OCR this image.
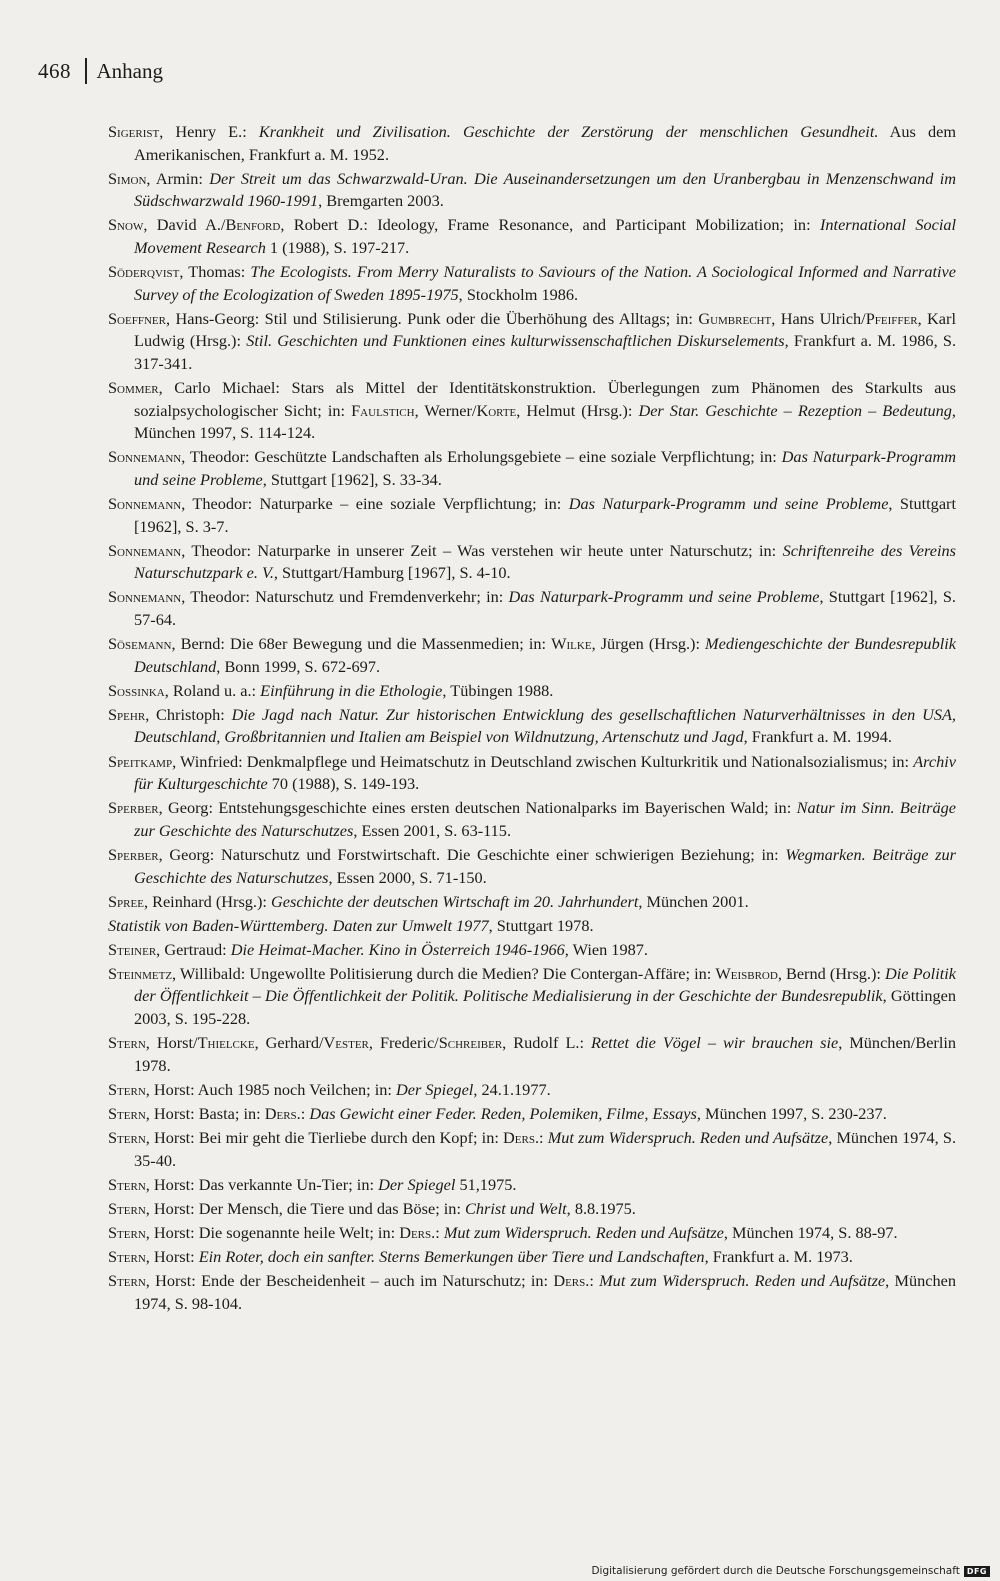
468 Anhang

Sigerist, Henry E.: Krankheit und Zivilisation. Geschichte der Zerstörung der menschlichen Gesundheit. Aus dem Amerikanischen, Frankfurt a. M. 1952.

Simon, Armin: Der Streit um das Schwarzwald-Uran. Die Auseinandersetzungen um den Uranbergbau in Menzenschwand im Südschwarzwald 1960-1991, Bremgarten 2003.

Snow, David A./Benford, Robert D.: Ideology, Frame Resonance, and Participant Mobilization; in: International Social Movement Research 1 (1988), S. 197-217.

Söderqvist, Thomas: The Ecologists. From Merry Naturalists to Saviours of the Nation. A Sociological Informed and Narrative Survey of the Ecologization of Sweden 1895-1975, Stockholm 1986.

Soeffner, Hans-Georg: Stil und Stilisierung. Punk oder die Überhöhung des Alltags; in: Gumbrecht, Hans Ulrich/Pfeiffer, Karl Ludwig (Hrsg.): Stil. Geschichten und Funktionen eines kulturwissenschaftlichen Diskurselements, Frankfurt a. M. 1986, S. 317-341.

Sommer, Carlo Michael: Stars als Mittel der Identitätskonstruktion. Überlegungen zum Phänomen des Starkults aus sozialpsychologischer Sicht; in: Faulstich, Werner/Korte, Helmut (Hrsg.): Der Star. Geschichte – Rezeption – Bedeutung, München 1997, S. 114-124.

Sonnemann, Theodor: Geschützte Landschaften als Erholungsgebiete – eine soziale Verpflichtung; in: Das Naturpark-Programm und seine Probleme, Stuttgart [1962], S. 33-34.

Sonnemann, Theodor: Naturparke – eine soziale Verpflichtung; in: Das Naturpark-Programm und seine Probleme, Stuttgart [1962], S. 3-7.

Sonnemann, Theodor: Naturparke in unserer Zeit – Was verstehen wir heute unter Naturschutz; in: Schriftenreihe des Vereins Naturschutzpark e. V., Stuttgart/Hamburg [1967], S. 4-10.

Sonnemann, Theodor: Naturschutz und Fremdenverkehr; in: Das Naturpark-Programm und seine Probleme, Stuttgart [1962], S. 57-64.

Sösemann, Bernd: Die 68er Bewegung und die Massenmedien; in: Wilke, Jürgen (Hrsg.): Mediengeschichte der Bundesrepublik Deutschland, Bonn 1999, S. 672-697.

Sossinka, Roland u. a.: Einführung in die Ethologie, Tübingen 1988.

Spehr, Christoph: Die Jagd nach Natur. Zur historischen Entwicklung des gesellschaftlichen Naturverhältnisses in den USA, Deutschland, Großbritannien und Italien am Beispiel von Wildnutzung, Artenschutz und Jagd, Frankfurt a. M. 1994.

Speitkamp, Winfried: Denkmalpflege und Heimatschutz in Deutschland zwischen Kulturkritik und Nationalsozialismus; in: Archiv für Kulturgeschichte 70 (1988), S. 149-193.

Sperber, Georg: Entstehungsgeschichte eines ersten deutschen Nationalparks im Bayerischen Wald; in: Natur im Sinn. Beiträge zur Geschichte des Naturschutzes, Essen 2001, S. 63-115.

Sperber, Georg: Naturschutz und Forstwirtschaft. Die Geschichte einer schwierigen Beziehung; in: Wegmarken. Beiträge zur Geschichte des Naturschutzes, Essen 2000, S. 71-150.

Spree, Reinhard (Hrsg.): Geschichte der deutschen Wirtschaft im 20. Jahrhundert, München 2001.

Statistik von Baden-Württemberg. Daten zur Umwelt 1977, Stuttgart 1978.

Steiner, Gertraud: Die Heimat-Macher. Kino in Österreich 1946-1966, Wien 1987.

Steinmetz, Willibald: Ungewollte Politisierung durch die Medien? Die Contergan-Affäre; in: Weisbrod, Bernd (Hrsg.): Die Politik der Öffentlichkeit – Die Öffentlichkeit der Politik. Politische Medialisierung in der Geschichte der Bundesrepublik, Göttingen 2003, S. 195-228.

Stern, Horst/Thielcke, Gerhard/Vester, Frederic/Schreiber, Rudolf L.: Rettet die Vögel – wir brauchen sie, München/Berlin 1978.

Stern, Horst: Auch 1985 noch Veilchen; in: Der Spiegel, 24.1.1977.

Stern, Horst: Basta; in: Ders.: Das Gewicht einer Feder. Reden, Polemiken, Filme, Essays, München 1997, S. 230-237.

Stern, Horst: Bei mir geht die Tierliebe durch den Kopf; in: Ders.: Mut zum Widerspruch. Reden und Aufsätze, München 1974, S. 35-40.

Stern, Horst: Das verkannte Un-Tier; in: Der Spiegel 51,1975.

Stern, Horst: Der Mensch, die Tiere und das Böse; in: Christ und Welt, 8.8.1975.

Stern, Horst: Die sogenannte heile Welt; in: Ders.: Mut zum Widerspruch. Reden und Aufsätze, München 1974, S. 88-97.

Stern, Horst: Ein Roter, doch ein sanfter. Sterns Bemerkungen über Tiere und Landschaften, Frankfurt a. M. 1973.

Stern, Horst: Ende der Bescheidenheit – auch im Naturschutz; in: Ders.: Mut zum Widerspruch. Reden und Aufsätze, München 1974, S. 98-104.

Digitalisierung gefördert durch die Deutsche Forschungsgemeinschaft DFG
